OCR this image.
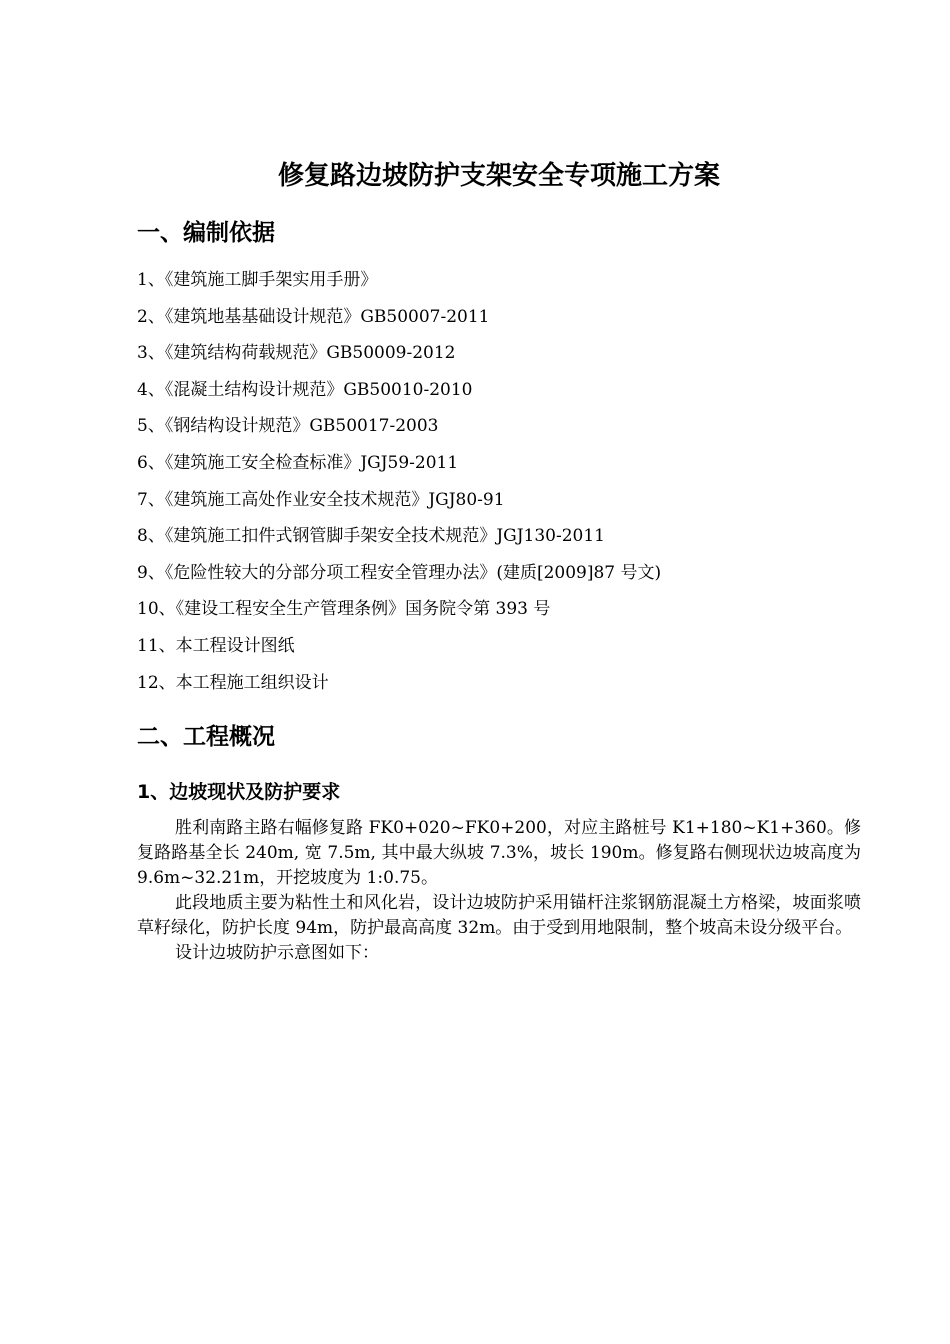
修复路边坡防护支架安全专项施工方案
一、编制依据
1、《建筑施工脚手架实用手册》
2、《建筑地基基础设计规范》GB50007-2011
3、《建筑结构荷载规范》GB50009-2012
4、《混凝土结构设计规范》GB50010-2010
5、《钢结构设计规范》GB50017-2003
6、《建筑施工安全检查标准》JGJ59-2011
7、《建筑施工高处作业安全技术规范》JGJ80-91
8、《建筑施工扣件式钢管脚手架安全技术规范》JGJ130-2011
9、《危险性较大的分部分项工程安全管理办法》(建质[2009]87 号文)
10、《建设工程安全生产管理条例》国务院令第 393 号
11、本工程设计图纸
12、本工程施工组织设计
二、工程概况
1、边坡现状及防护要求

胜利南路主路右幅修复路 FK0+020~FK0+200，对应主路桩号 K1+180~K1+360。修复路路基全长 240m, 宽 7.5m, 其中最大纵坡 7.3%，坡长 190m。修复路右侧现状边坡高度为 9.6m~32.21m，开挖坡度为 1:0.75。

此段地质主要为粘性土和风化岩，设计边坡防护采用锚杆注浆钢筋混凝土方格梁，坡面浆喷草籽绿化，防护长度 94m，防护最高高度 32m。由于受到用地限制，整个坡高未设分级平台。

设计边坡防护示意图如下：
